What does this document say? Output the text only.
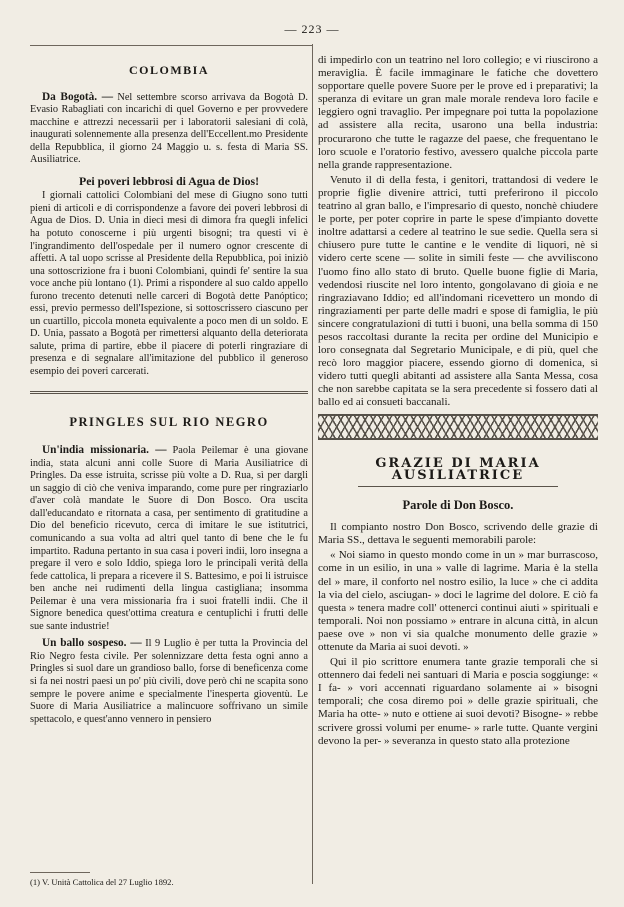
— 223 —
COLOMBIA

Da Bogotà. — Nel settembre scorso arrivava da Bogotà D. Evasio Rabagliati con incarichi di quel Governo e per provvedere macchine e attrezzi necessarii per i laboratorii salesiani di colà, inaugurati solennemente alla presenza dell'Eccellent.mo Presidente della Repubblica, il giorno 24 Maggio u. s. festa di Maria SS. Ausiliatrice.

Pei poveri lebbrosi di Agua de Dios!

I giornali cattolici Colombiani del mese di Giugno sono tutti pieni di articoli e di corrispondenze a favore dei poveri lebbrosi di Agua de Dios. D. Unia in dieci mesi di dimora fra quegli infelici ha potuto conoscerne i più urgenti bisogni; tra questi vi è l'ingrandimento dell'ospedale per il numero ognor crescente di affetti. A tal uopo scrisse al Presidente della Repubblica, poi iniziò una sottoscrizione fra i buoni Colombiani, quindi fe' sentire la sua voce anche più lontano (1). Primi a rispondere al suo caldo appello furono trecento detenuti nelle carceri di Bogotà dette Panóptico; essi, previo permesso dell'Ispezione, si sottoscrissero ciascuno per un cuartillo, piccola moneta equivalente a poco men di un soldo. E D. Unia, passato a Bogotà per rimettersi alquanto della deteriorata salute, prima di partire, ebbe il piacere di poterli ringraziare di presenza e di segnalare all'imitazione del pubblico il generoso esempio dei poveri carcerati.

PRINGLES SUL RIO NEGRO

Un'india missionaria. — Paola Peilemar è una giovane india, stata alcuni anni colle Suore di Maria Ausiliatrice di Pringles. Da esse istruita, scrisse più volte a D. Rua, sì per dargli un saggio di ciò che veniva imparando, come pure per ringraziarlo d'aver colà mandate le Suore di Don Bosco. Ora uscita dall'educandato e ritornata a casa, per sentimento di gratitudine a Dio del beneficio ricevuto, cerca di imitare le sue istitutrici, comunicando a sua volta ad altri quel tanto di bene che le fu impartito. Raduna pertanto in sua casa i poveri indii, loro insegna a pregare il vero e solo Iddio, spiega loro le principali verità della fede cattolica, li prepara a ricevere il S. Battesimo, e poi li istruisce ben anche nei rudimenti della lingua castigliana; insomma Peilemar è una vera missionaria fra i suoi fratelli indii. Che il Signore benedica quest'ottima creatura e centuplichi i frutti delle sue sante industrie!

Un ballo sospeso. — Il 9 Luglio è per tutta la Provincia del Rio Negro festa civile. Per solennizzare detta festa ogni anno a Pringles si suol dare un grandioso ballo, forse di beneficenza come si fa nei nostri paesi un po' più civili, dove però chi ne scapita sono sempre le povere anime e specialmente l'inesperta gioventù. Le Suore di Maria Ausiliatrice a malincuore soffrivano un simile spettacolo, e quest'anno vennero in pensiero

(1) V. Unità Cattolica del 27 Luglio 1892.

di impedirlo con un teatrino nel loro collegio; e vi riuscirono a meraviglia. È facile immaginare le fatiche che dovettero sopportare quelle povere Suore per le prove ed i preparativi; la speranza di evitare un gran male morale rendeva loro facile e leggiero ogni travaglio. Per impegnare poi tutta la popolazione ad assistere alla recita, usarono una bella industria: procurarono che tutte le ragazze del paese, che frequentano le loro scuole e l'oratorio festivo, avessero qualche piccola parte nella grande rappresentazione.

Venuto il dì della festa, i genitori, trattandosi di vedere le proprie figlie divenire attrici, tutti preferirono il piccolo teatrino al gran ballo, e l'impresario di questo, nonchè chiudere le porte, per poter coprire in parte le spese d'impianto dovette inoltre adattarsi a cedere al teatrino le sue sedie. Quella sera si chiusero pure tutte le cantine e le vendite di liquori, nè si videro certe scene — solite in simili feste — che avviliscono l'uomo fino allo stato di bruto. Quelle buone figlie di Maria, vedendosi riuscite nel loro intento, gongolavano di gioia e ne ringraziavano Iddio; ed all'indomani ricevettero un mondo di ringraziamenti per parte delle madri e spose di famiglia, le più sincere congratulazioni di tutti i buoni, una bella somma di 150 pesos raccoltasi durante la recita per ordine del Municipio e loro consegnata dal Segretario Municipale, e di più, quel che recò loro maggior piacere, essendo giorno di domenica, si videro tutti quegli abitanti ad assistere alla Santa Messa, cosa che non sarebbe capitata se la sera precedente si fossero dati al ballo ed ai consueti baccanali.

GRAZIE DI MARIA AUSILIATRICE
Parole di Don Bosco.

Il compianto nostro Don Bosco, scrivendo delle grazie di Maria SS., dettava le seguenti memorabili parole:

« Noi siamo in questo mondo come in un » mar burrascoso, come in un esilio, in una » valle di lagrime. Maria è la stella del » mare, il conforto nel nostro esilio, la luce » che ci addita la via del cielo, asciugan- » doci le lagrime del dolore. E ciò fa questa » tenera madre coll' ottenerci continui aiuti » spirituali e temporali. Noi non possiamo » entrare in alcuna città, in alcun paese ove » non vi sia qualche monumento delle grazie » ottenute da Maria ai suoi devoti. »

Qui il pio scrittore enumera tante grazie temporali che si ottennero dai fedeli nei santuari di Maria e poscia soggiunge: « I fa- » vori accennati riguardano solamente ai » bisogni temporali; che cosa diremo poi » delle grazie spirituali, che Maria ha otte- » nuto e ottiene ai suoi devoti? Bisogne- » rebbe scrivere grossi volumi per enume- » rarle tutte. Quante vergini devono la per- » severanza in questo stato alla protezione
